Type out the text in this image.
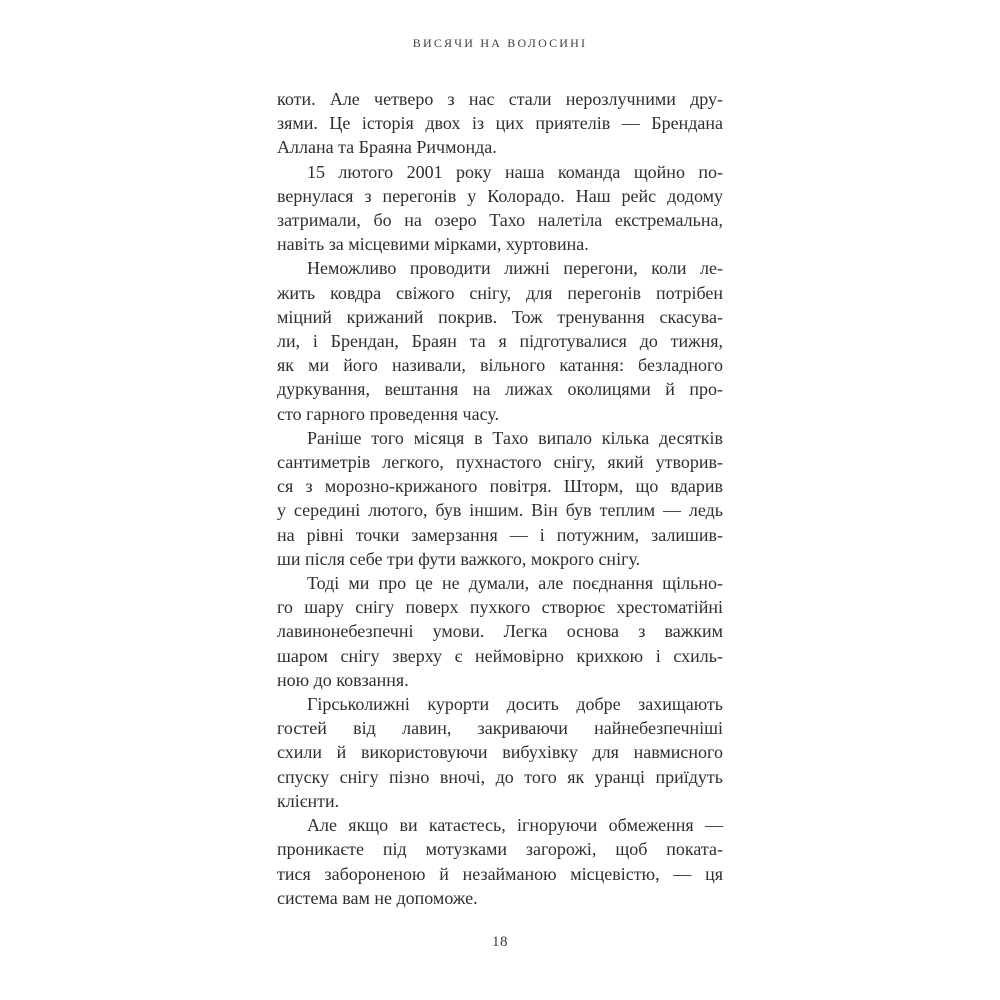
ВИСЯЧИ НА ВОЛОСИНІ

коти. Але четверо з нас стали нерозлучними дру-
зями. Це історія двох із цих приятелів — Брендана
Аллана та Браяна Ричмонда.

15 лютого 2001 року наша команда щойно по-
вернулася з перегонів у Колорадо. Наш рейс додому
затримали, бо на озеро Тахо налетіла екстремальна,
навіть за місцевими мірками, хуртовина.

Неможливо проводити лижні перегони, коли ле-
жить ковдра свіжого снігу, для перегонів потрібен
міцний крижаний покрив. Тож тренування скасува-
ли, і Брендан, Браян та я підготувалися до тижня,
як ми його називали, вільного катання: безладного
дуркування, вештання на лижах околицями й про-
сто гарного проведення часу.

Раніше того місяця в Тахо випало кілька десятків
сантиметрів легкого, пухнастого снігу, який утворив-
ся з морозно-крижаного повітря. Шторм, що вдарив
у середині лютого, був іншим. Він був теплим — ледь
на рівні точки замерзання — і потужним, залишив-
ши після себе три фути важкого, мокрого снігу.

Тоді ми про це не думали, але поєднання щільно-
го шару снігу поверх пухкого створює хрестоматійні
лавинонебезпечні умови. Легка основа з важким
шаром снігу зверху є неймовірно крихкою і схиль-
ною до ковзання.

Гірськолижні курорти досить добре захищають
гостей від лавин, закриваючи найнебезпечніші
схили й використовуючи вибухівку для навмисного
спуску снігу пізно вночі, до того як уранці приїдуть
клієнти.

Але якщо ви катаєтесь, ігноруючи обмеження —
проникаєте під мотузками загорожі, щоб поката-
тися забороненою й незайманою місцевістю, — ця
система вам не допоможе.

18
